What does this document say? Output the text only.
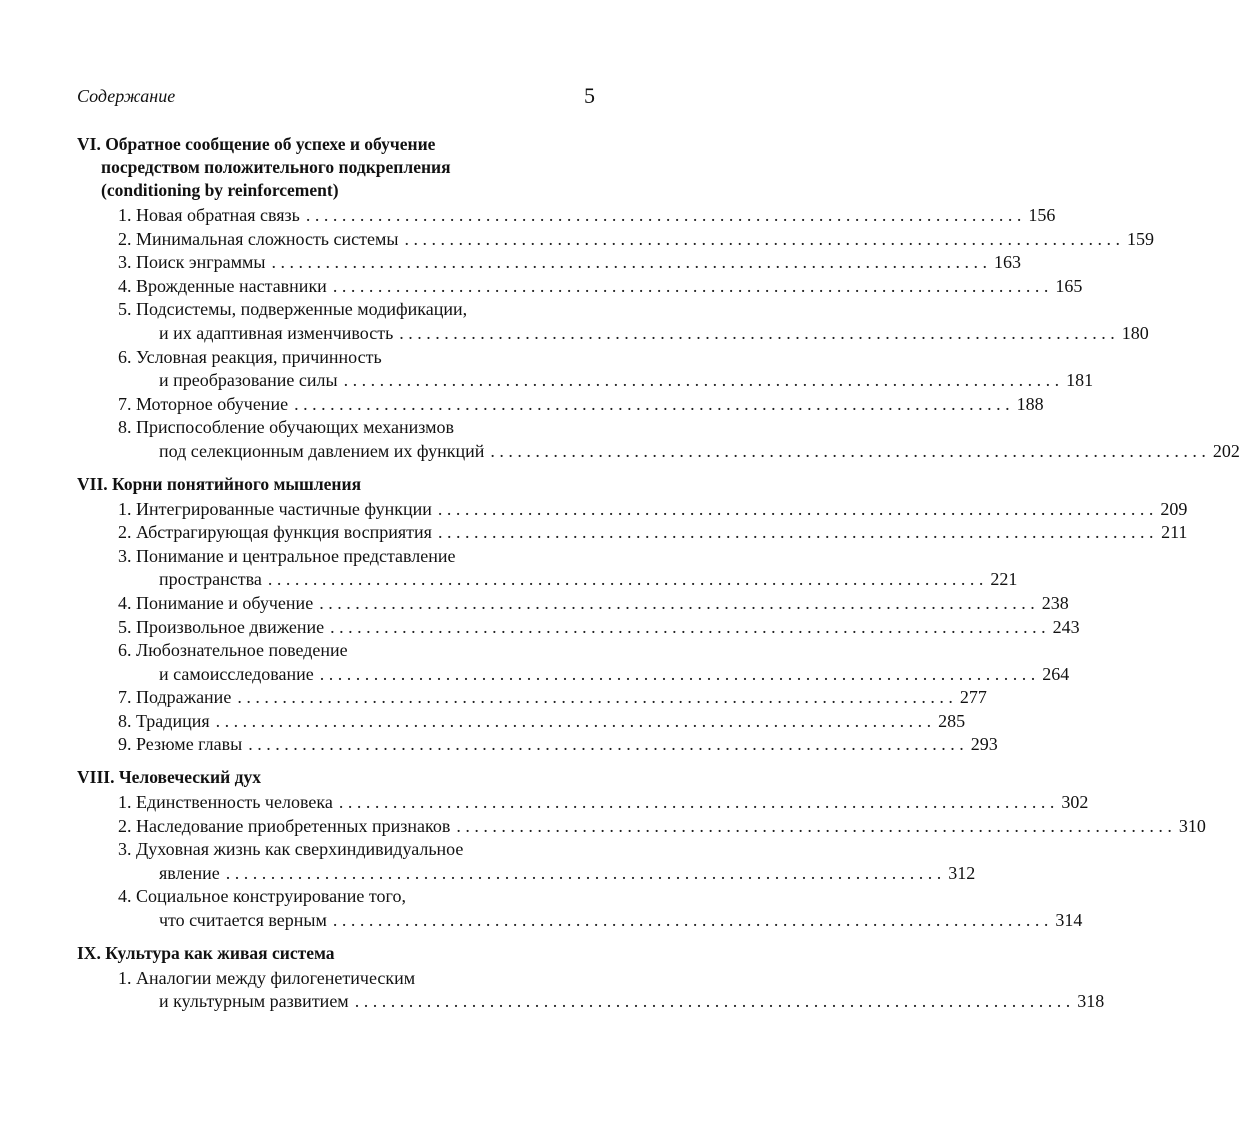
Содержание	5
VI. Обратное сообщение об успехе и обучение
посредством положительного подкрепления
(conditioning by reinforcement)
1. Новая обратная связь . . . . . . . . . . . . . . . . . . . . . . . . . . . . . . . . . . . . . . . . . . . . . . . . . . . . . . . . . . . . . . . . . . . . . . . . . . . . . . . . 156
2. Минимальная сложность системы . . . . . . . . . . . . . . . . . . . . . . . . . . . . . . . . . . . . . . . . . . . . . . . . . . . . . . . . . . . . . . . . . . . . . . . . . . . . . . . . 159
3. Поиск энграммы . . . . . . . . . . . . . . . . . . . . . . . . . . . . . . . . . . . . . . . . . . . . . . . . . . . . . . . . . . . . . . . . . . . . . . . . . . . . . . . . 163
4. Врожденные наставники . . . . . . . . . . . . . . . . . . . . . . . . . . . . . . . . . . . . . . . . . . . . . . . . . . . . . . . . . . . . . . . . . . . . . . . . . . . . . . . . 165
5. Подсистемы, подверженные модификации,
и их адаптивная изменчивость . . . . . . . . . . . . . . . . . . . . . . . . . . . . . . . . . . . . . . . . . . . . . . . . . . . . . . . . . . . . . . . . . . . . . . . . . . . . . . . . 180
6. Условная реакция, причинность
и преобразование силы . . . . . . . . . . . . . . . . . . . . . . . . . . . . . . . . . . . . . . . . . . . . . . . . . . . . . . . . . . . . . . . . . . . . . . . . . . . . . . . . 181
7. Моторное обучение . . . . . . . . . . . . . . . . . . . . . . . . . . . . . . . . . . . . . . . . . . . . . . . . . . . . . . . . . . . . . . . . . . . . . . . . . . . . . . . . 188
8. Приспособление обучающих механизмов
под селекционным давлением их функций . . . . . . . . . . . . . . . . . . . . . . . . . . . . . . . . . . . . . . . . . . . . . . . . . . . . . . . . . . . . . . . . . . . . . . . . . . . . . . . . 202
VII. Корни понятийного мышления
1. Интегрированные частичные функции . . . . . . . . . . . . . . . . . . . . . . . . . . . . . . . . . . . . . . . . . . . . . . . . . . . . . . . . . . . . . . . . . . . . . . . . . . . . . . . . 209
2. Абстрагирующая функция восприятия . . . . . . . . . . . . . . . . . . . . . . . . . . . . . . . . . . . . . . . . . . . . . . . . . . . . . . . . . . . . . . . . . . . . . . . . . . . . . . . . 211
3. Понимание и центральное представление
пространства . . . . . . . . . . . . . . . . . . . . . . . . . . . . . . . . . . . . . . . . . . . . . . . . . . . . . . . . . . . . . . . . . . . . . . . . . . . . . . . . 221
4. Понимание и обучение . . . . . . . . . . . . . . . . . . . . . . . . . . . . . . . . . . . . . . . . . . . . . . . . . . . . . . . . . . . . . . . . . . . . . . . . . . . . . . . . 238
5. Произвольное движение . . . . . . . . . . . . . . . . . . . . . . . . . . . . . . . . . . . . . . . . . . . . . . . . . . . . . . . . . . . . . . . . . . . . . . . . . . . . . . . . 243
6. Любознательное поведение
и самоисследование . . . . . . . . . . . . . . . . . . . . . . . . . . . . . . . . . . . . . . . . . . . . . . . . . . . . . . . . . . . . . . . . . . . . . . . . . . . . . . . . 264
7. Подражание . . . . . . . . . . . . . . . . . . . . . . . . . . . . . . . . . . . . . . . . . . . . . . . . . . . . . . . . . . . . . . . . . . . . . . . . . . . . . . . . 277
8. Традиция . . . . . . . . . . . . . . . . . . . . . . . . . . . . . . . . . . . . . . . . . . . . . . . . . . . . . . . . . . . . . . . . . . . . . . . . . . . . . . . . 285
9. Резюме главы . . . . . . . . . . . . . . . . . . . . . . . . . . . . . . . . . . . . . . . . . . . . . . . . . . . . . . . . . . . . . . . . . . . . . . . . . . . . . . . . 293
VIII. Человеческий дух
1. Единственность человека . . . . . . . . . . . . . . . . . . . . . . . . . . . . . . . . . . . . . . . . . . . . . . . . . . . . . . . . . . . . . . . . . . . . . . . . . . . . . . . . 302
2. Наследование приобретенных признаков . . . . . . . . . . . . . . . . . . . . . . . . . . . . . . . . . . . . . . . . . . . . . . . . . . . . . . . . . . . . . . . . . . . . . . . . . . . . . . . . 310
3. Духовная жизнь как сверхиндивидуальное
явление . . . . . . . . . . . . . . . . . . . . . . . . . . . . . . . . . . . . . . . . . . . . . . . . . . . . . . . . . . . . . . . . . . . . . . . . . . . . . . . . 312
4. Социальное конструирование того,
что считается верным . . . . . . . . . . . . . . . . . . . . . . . . . . . . . . . . . . . . . . . . . . . . . . . . . . . . . . . . . . . . . . . . . . . . . . . . . . . . . . . . 314
IX. Культура как живая система
1. Аналогии между филогенетическим
и культурным развитием . . . . . . . . . . . . . . . . . . . . . . . . . . . . . . . . . . . . . . . . . . . . . . . . . . . . . . . . . . . . . . . . . . . . . . . . . . . . . . . . 318
